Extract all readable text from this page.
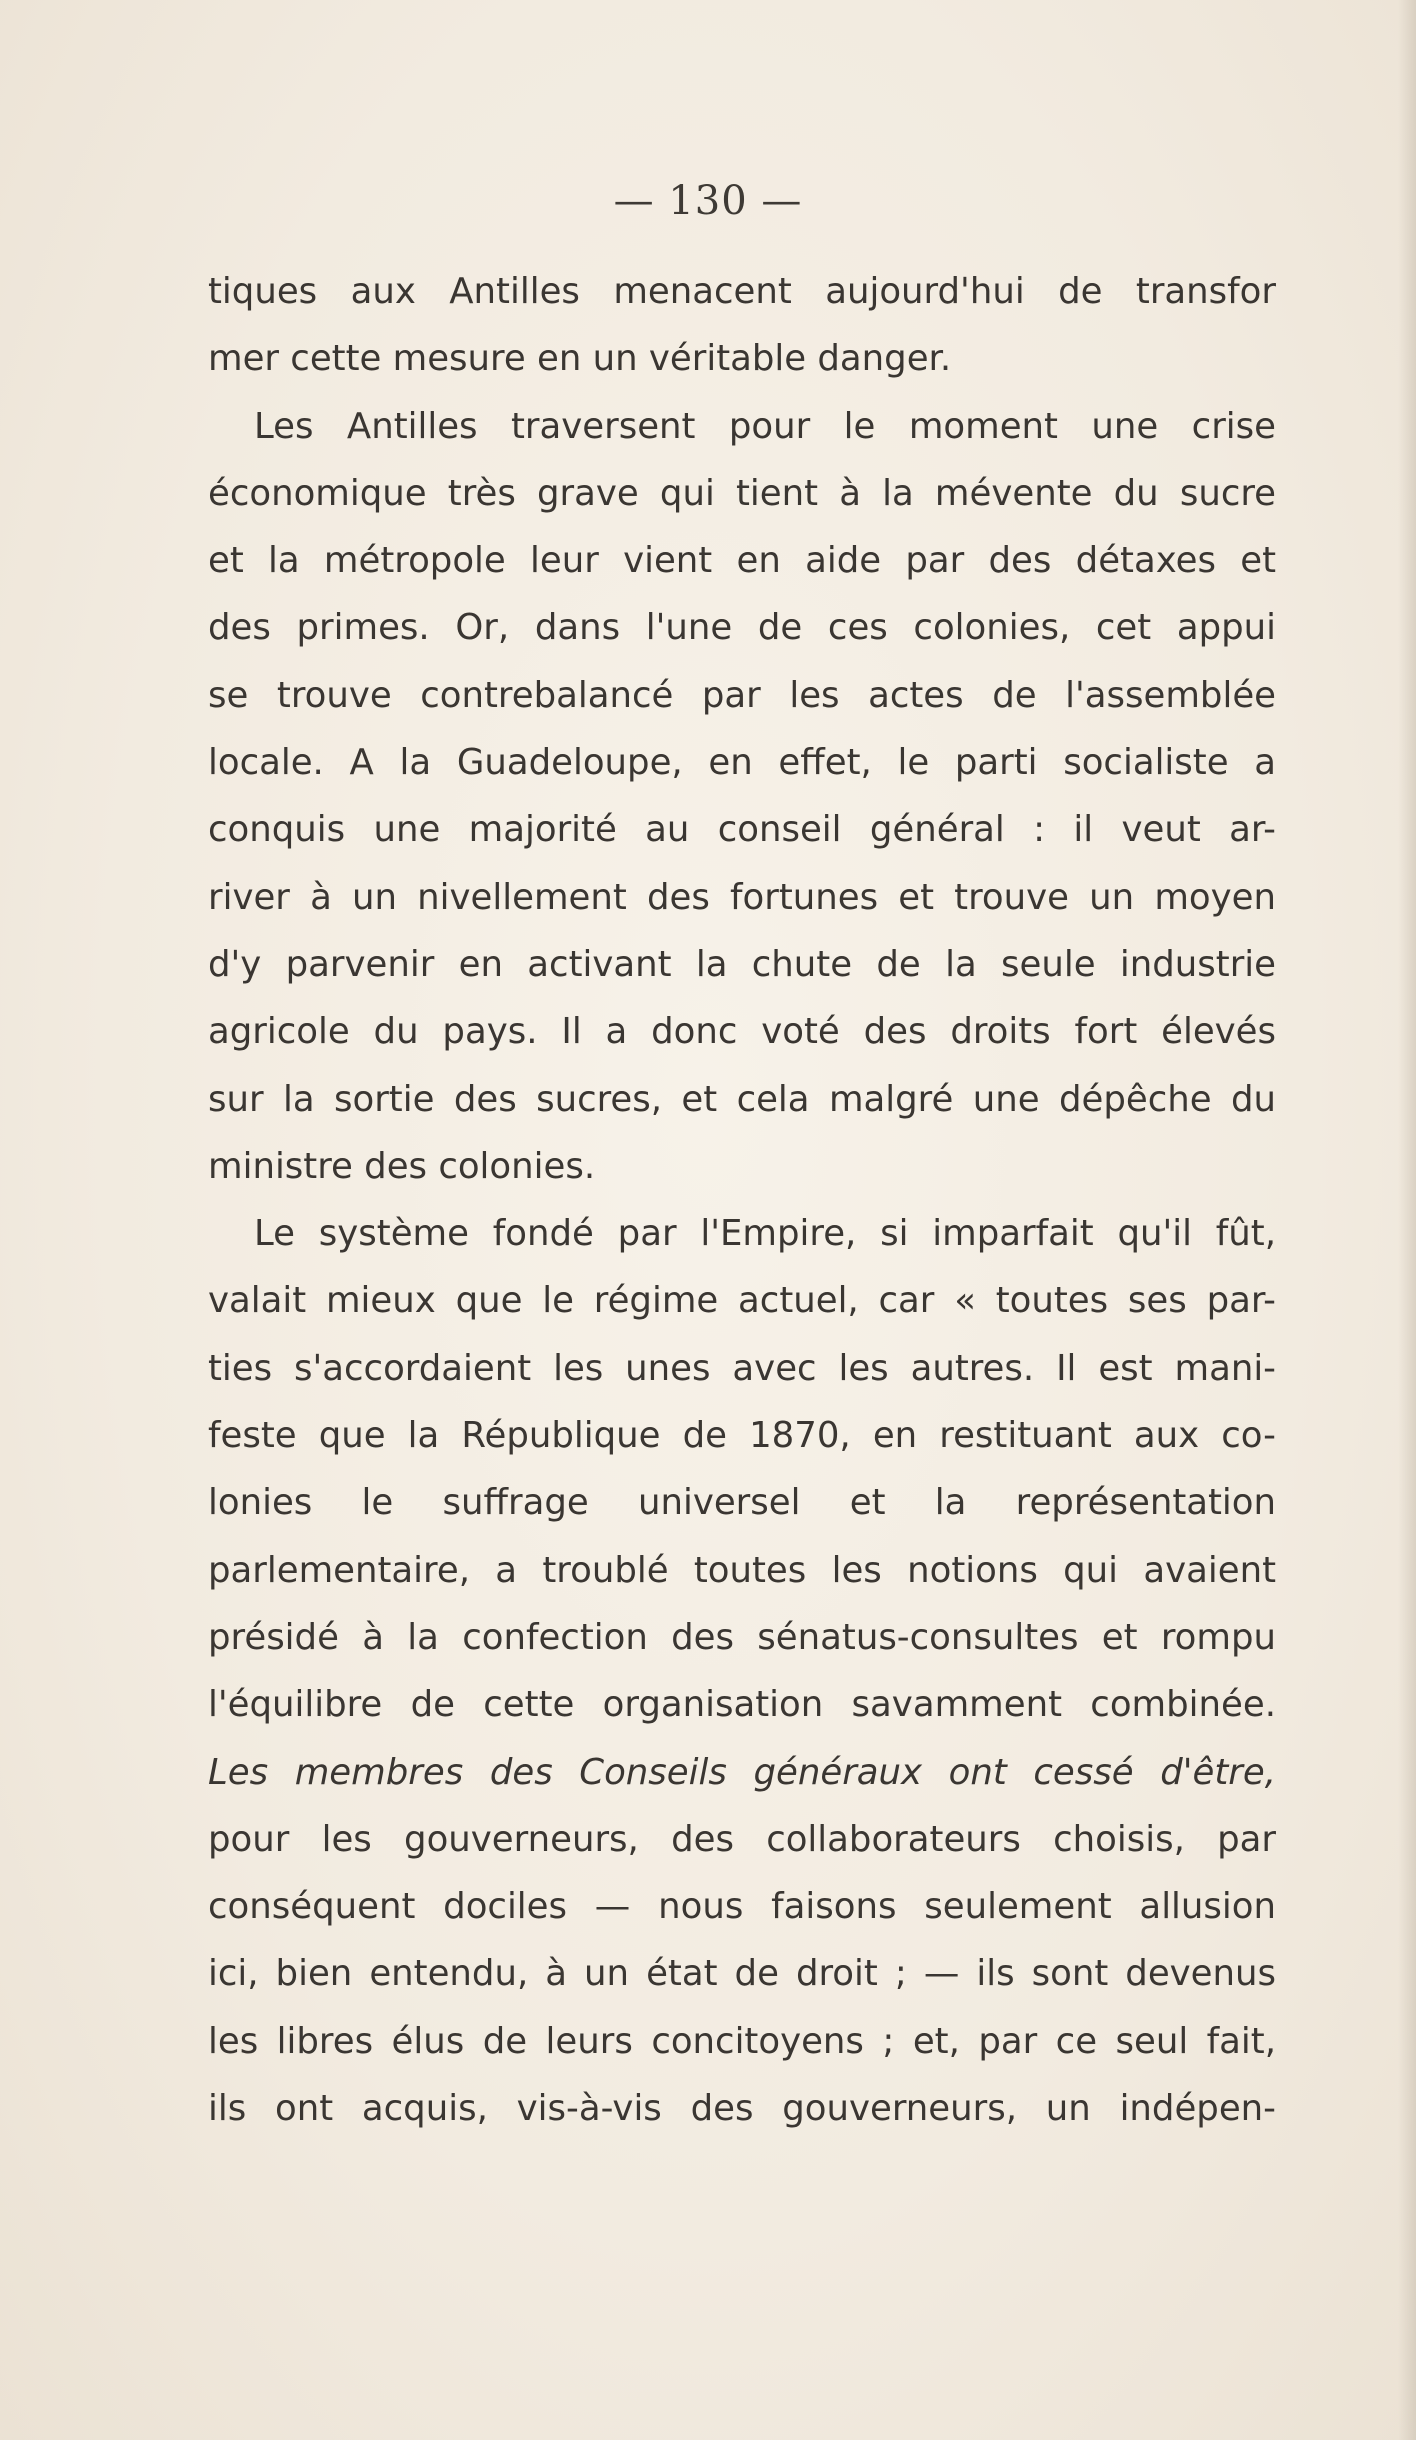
— 130 —
tiques aux Antilles menacent aujourd'hui de transfor
mer cette mesure en un véritable danger.
Les Antilles traversent pour le moment une crise
économique très grave qui tient à la mévente du sucre
et la métropole leur vient en aide par des détaxes et
des primes. Or, dans l'une de ces colonies, cet appui
se trouve contrebalancé par les actes de l'assemblée
locale. A la Guadeloupe, en effet, le parti socialiste a
conquis une majorité au conseil général : il veut ar-
river à un nivellement des fortunes et trouve un moyen
d'y parvenir en activant la chute de la seule industrie
agricole du pays. Il a donc voté des droits fort élevés
sur la sortie des sucres, et cela malgré une dépêche du
ministre des colonies.
Le système fondé par l'Empire, si imparfait qu'il fût,
valait mieux que le régime actuel, car « toutes ses par-
ties s'accordaient les unes avec les autres. Il est mani-
feste que la République de 1870, en restituant aux co-
lonies le suffrage universel et la représentation
parlementaire, a troublé toutes les notions qui avaient
présidé à la confection des sénatus-consultes et rompu
l'équilibre de cette organisation savamment combinée.
Les membres des Conseils généraux ont cessé d'être,
pour les gouverneurs, des collaborateurs choisis, par
conséquent dociles — nous faisons seulement allusion
ici, bien entendu, à un état de droit ; — ils sont devenus
les libres élus de leurs concitoyens ; et, par ce seul fait,
ils ont acquis, vis-à-vis des gouverneurs, un indépen-
